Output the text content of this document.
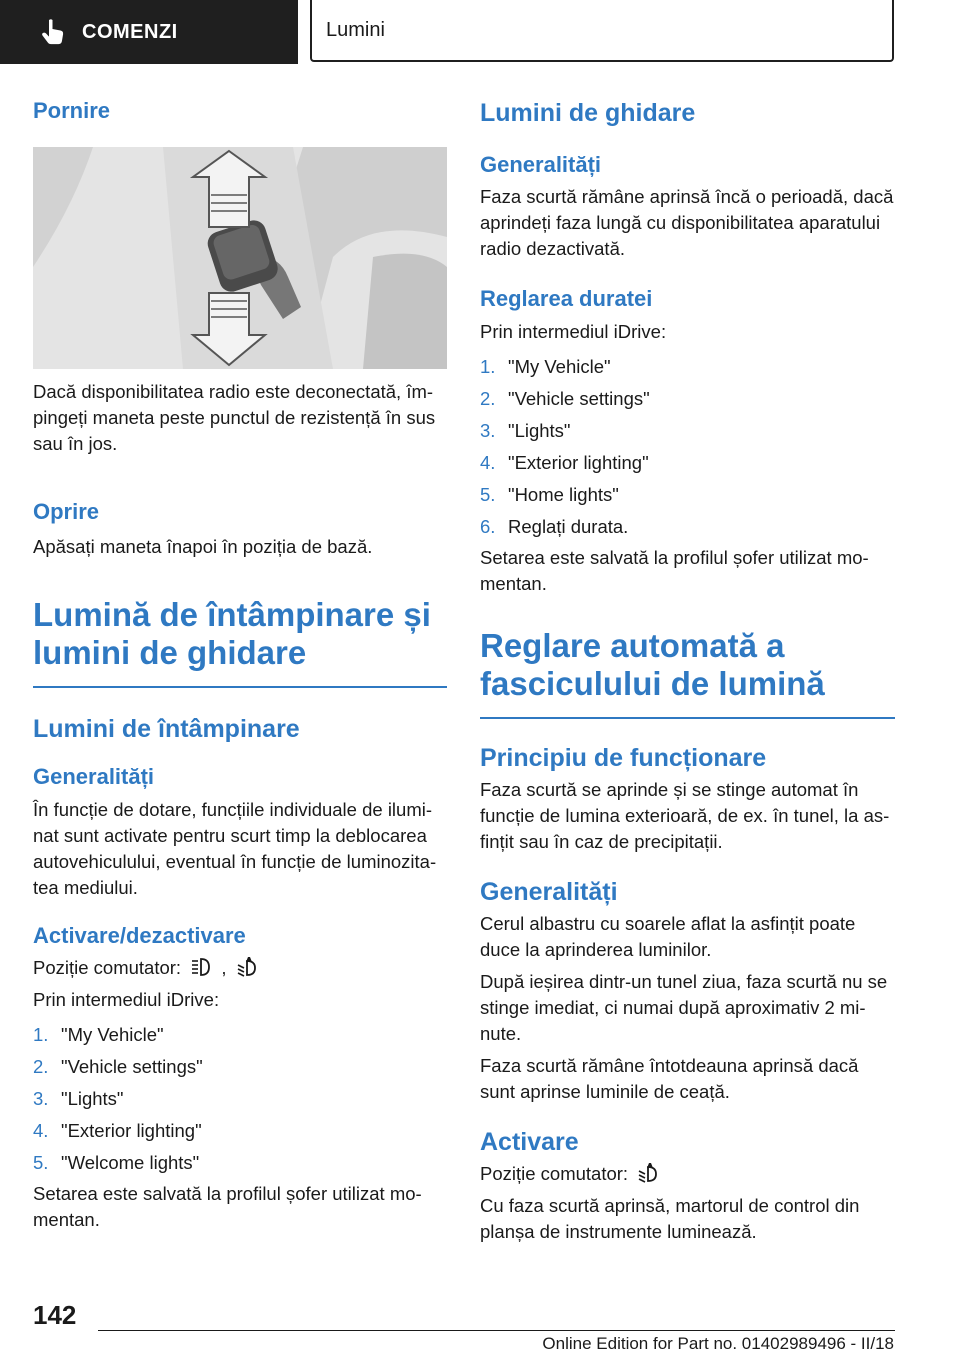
COMENZI	Lumini
Pornire

Dacă disponibilitatea radio este deconectată, îm-pingeți maneta peste punctul de rezistență în sus sau în jos.

Oprire

Apăsați maneta înapoi în poziția de bază.

Lumină de întâmpinare și lumini de ghidare
Lumini de întâmpinare
Generalități

În funcție de dotare, funcțiile individuale de ilumi-nat sunt activate pentru scurt timp la deblocarea autovehiculului, eventual în funcție de luminozita-tea mediului.

Activare/dezactivare

Poziție comutator: ,

Prin intermediul iDrive:

1. "My Vehicle"
2. "Vehicle settings"
3. "Lights"
4. "Exterior lighting"
5. "Welcome lights"

Setarea este salvată la profilul șofer utilizat mo-mentan.

Lumini de ghidare
Generalități

Faza scurtă rămâne aprinsă încă o perioadă, dacă aprindeți faza lungă cu disponibilitatea aparatului radio dezactivată.

Reglarea duratei

Prin intermediul iDrive:

1. "My Vehicle"
2. "Vehicle settings"
3. "Lights"
4. "Exterior lighting"
5. "Home lights"
6. Reglați durata.

Setarea este salvată la profilul șofer utilizat mo-mentan.

Reglare automată a fasciculului de lumină
Principiu de funcționare

Faza scurtă se aprinde și se stinge automat în funcție de lumina exterioară, de ex. în tunel, la as-fințit sau în caz de precipitații.

Generalități

Cerul albastru cu soarele aflat la asfințit poate duce la aprinderea luminilor.

După ieșirea dintr-un tunel ziua, faza scurtă nu se stinge imediat, ci numai după aproximativ 2 mi-nute.

Faza scurtă rămâne întotdeauna aprinsă dacă sunt aprinse luminile de ceață.

Activare

Poziție comutator:

Cu faza scurtă aprinsă, martorul de control din planșa de instrumente luminează.

142
Online Edition for Part no. 01402989496 - II/18
